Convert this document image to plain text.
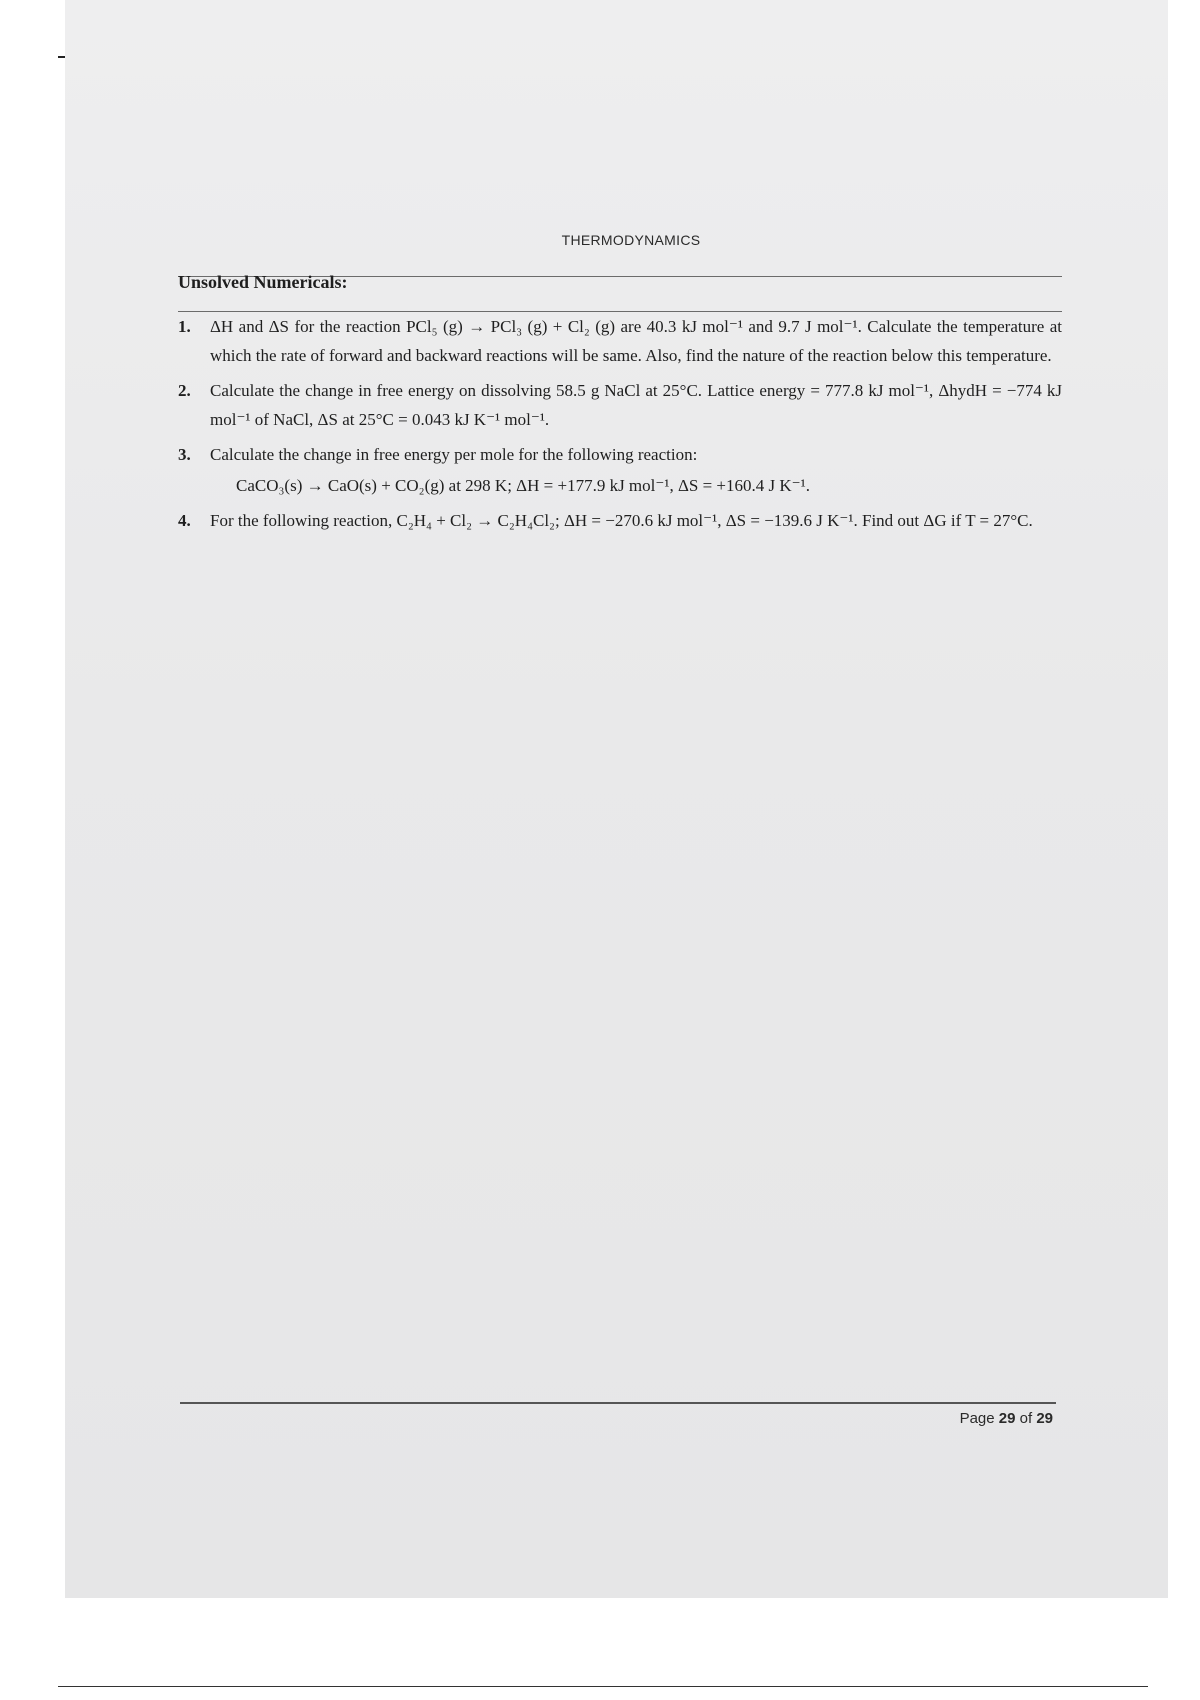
THERMODYNAMICS
Unsolved Numericals:
1. ΔH and ΔS for the reaction PCl₅ (g) → PCl₃ (g) + Cl₂ (g) are 40.3 kJ mol⁻¹ and 9.7 J mol⁻¹. Calculate the temperature at which the rate of forward and backward reactions will be same. Also, find the nature of the reaction below this temperature.
2. Calculate the change in free energy on dissolving 58.5 g NaCl at 25°C. Lattice energy = 777.8 kJ mol⁻¹, ΔhydH = −774 kJ mol⁻¹ of NaCl, ΔS at 25°C = 0.043 kJ K⁻¹ mol⁻¹.
3. Calculate the change in free energy per mole for the following reaction:
CaCO₃(s) → CaO(s) + CO₂(g) at 298 K; ΔH = +177.9 kJ mol⁻¹, ΔS = +160.4 J K⁻¹.
4. For the following reaction, C₂H₄ + Cl₂ → C₂H₄Cl₂; ΔH = −270.6 kJ mol⁻¹, ΔS = −139.6 J K⁻¹. Find out ΔG if T = 27°C.
Page 29 of 29
